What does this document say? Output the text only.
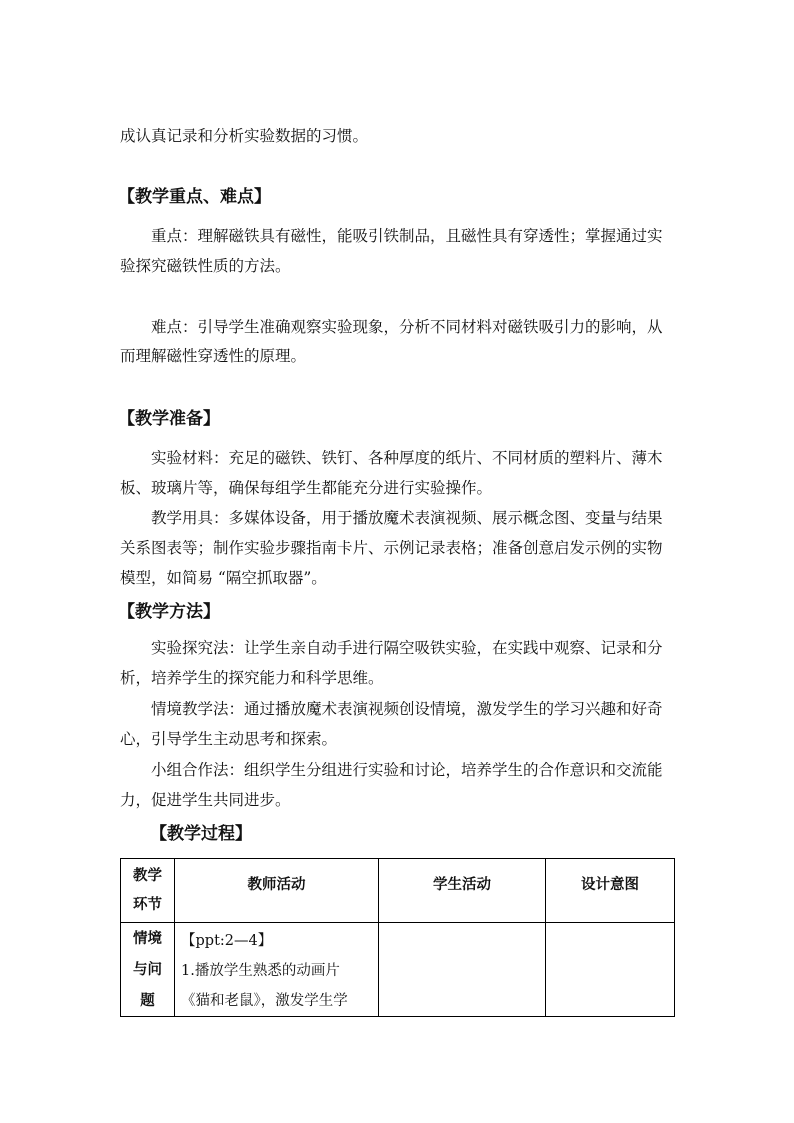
成认真记录和分析实验数据的习惯。
【教学重点、难点】
重点：理解磁铁具有磁性，能吸引铁制品，且磁性具有穿透性；掌握通过实
验探究磁铁性质的方法。
难点：引导学生准确观察实验现象，分析不同材料对磁铁吸引力的影响，从
而理解磁性穿透性的原理。
【教学准备】
实验材料：充足的磁铁、铁钉、各种厚度的纸片、不同材质的塑料片、薄木
板、玻璃片等，确保每组学生都能充分进行实验操作。
教学用具：多媒体设备，用于播放魔术表演视频、展示概念图、变量与结果
关系图表等；制作实验步骤指南卡片、示例记录表格；准备创意启发示例的实物
模型，如简易 “隔空抓取器”。
【教学方法】
实验探究法：让学生亲自动手进行隔空吸铁实验，在实践中观察、记录和分
析，培养学生的探究能力和科学思维。
情境教学法：通过播放魔术表演视频创设情境，激发学生的学习兴趣和好奇
心，引导学生主动思考和探索。
小组合作法：组织学生分组进行实验和讨论，培养学生的合作意识和交流能
力，促进学生共同进步。
【教学过程】
教学
环节	教师活动	学生活动	设计意图

情境
与问
题	【ppt:2—4】
1.播放学生熟悉的动画片
《猫和老鼠》，激发学生学		
